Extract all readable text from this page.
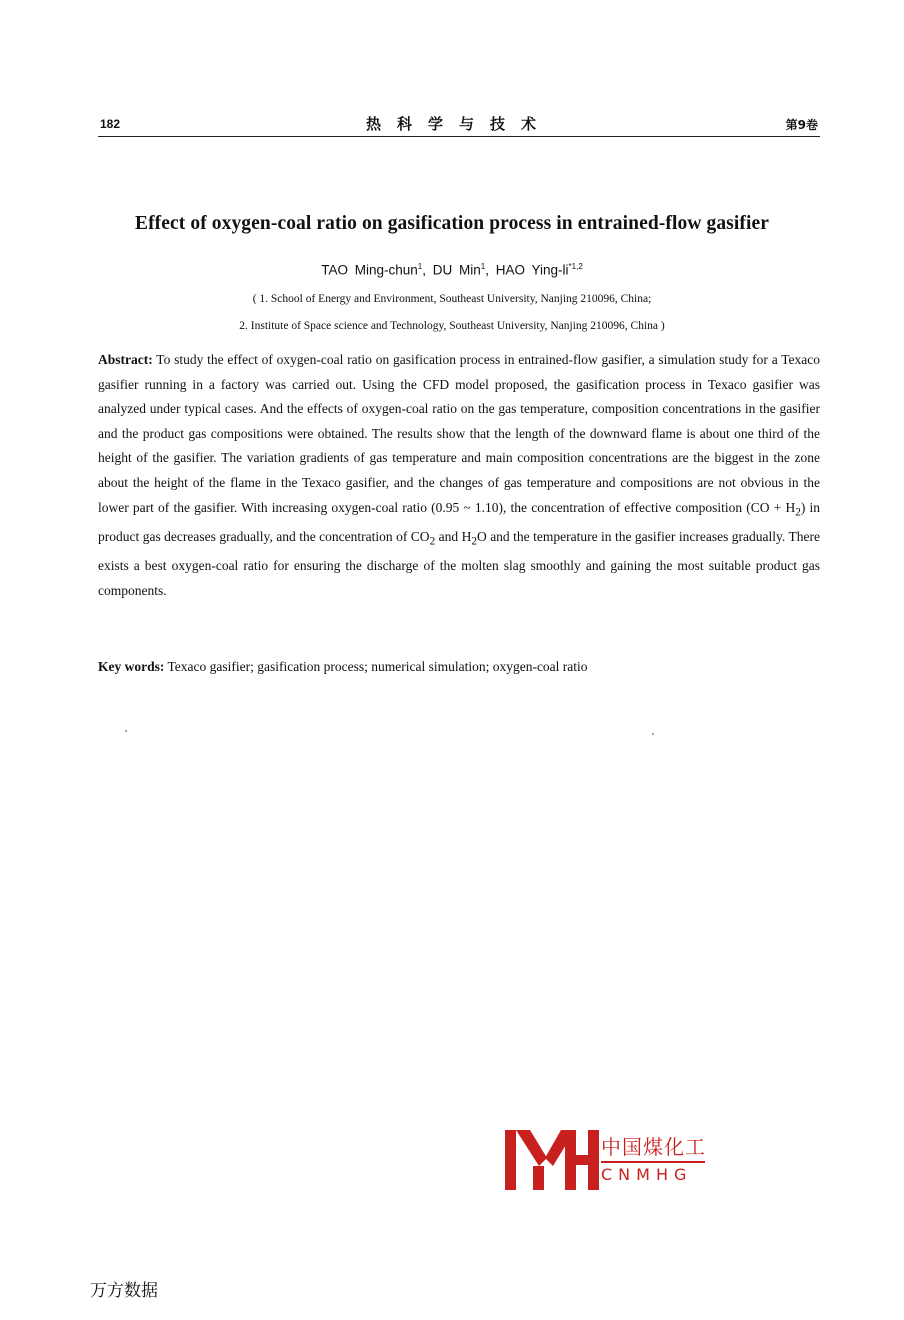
182	热科学与技术	第9卷
Effect of oxygen-coal ratio on gasification process in entrained-flow gasifier
TAO Ming-chun$^1$, DU Min$^1$, HAO Ying-li$^{*1,2}$
( 1. School of Energy and Environment, Southeast University, Nanjing 210096, China;
2. Institute of Space science and Technology, Southeast University, Nanjing 210096, China )
Abstract: To study the effect of oxygen-coal ratio on gasification process in entrained-flow gasifier, a simulation study for a Texaco gasifier running in a factory was carried out. Using the CFD model proposed, the gasification process in Texaco gasifier was analyzed under typical cases. And the effects of oxygen-coal ratio on the gas temperature, composition concentrations in the gasifier and the product gas compositions were obtained. The results show that the length of the downward flame is about one third of the height of the gasifier. The variation gradients of gas temperature and main composition concentrations are the biggest in the zone about the height of the flame in the Texaco gasifier, and the changes of gas temperature and compositions are not obvious in the lower part of the gasifier. With increasing oxygen-coal ratio (0.95 ~ 1.10), the concentration of effective composition $(CO + H_2)$ in product gas decreases gradually, and the concentration of $CO_2$ and $H_2O$ and the temperature in the gasifier increases gradually. There exists a best oxygen-coal ratio for ensuring the discharge of the molten slag smoothly and gaining the most suitable product gas components.
Key words: Texaco gasifier; gasification process; numerical simulation; oxygen-coal ratio
中国煤化工
CNMHG
万方数据
